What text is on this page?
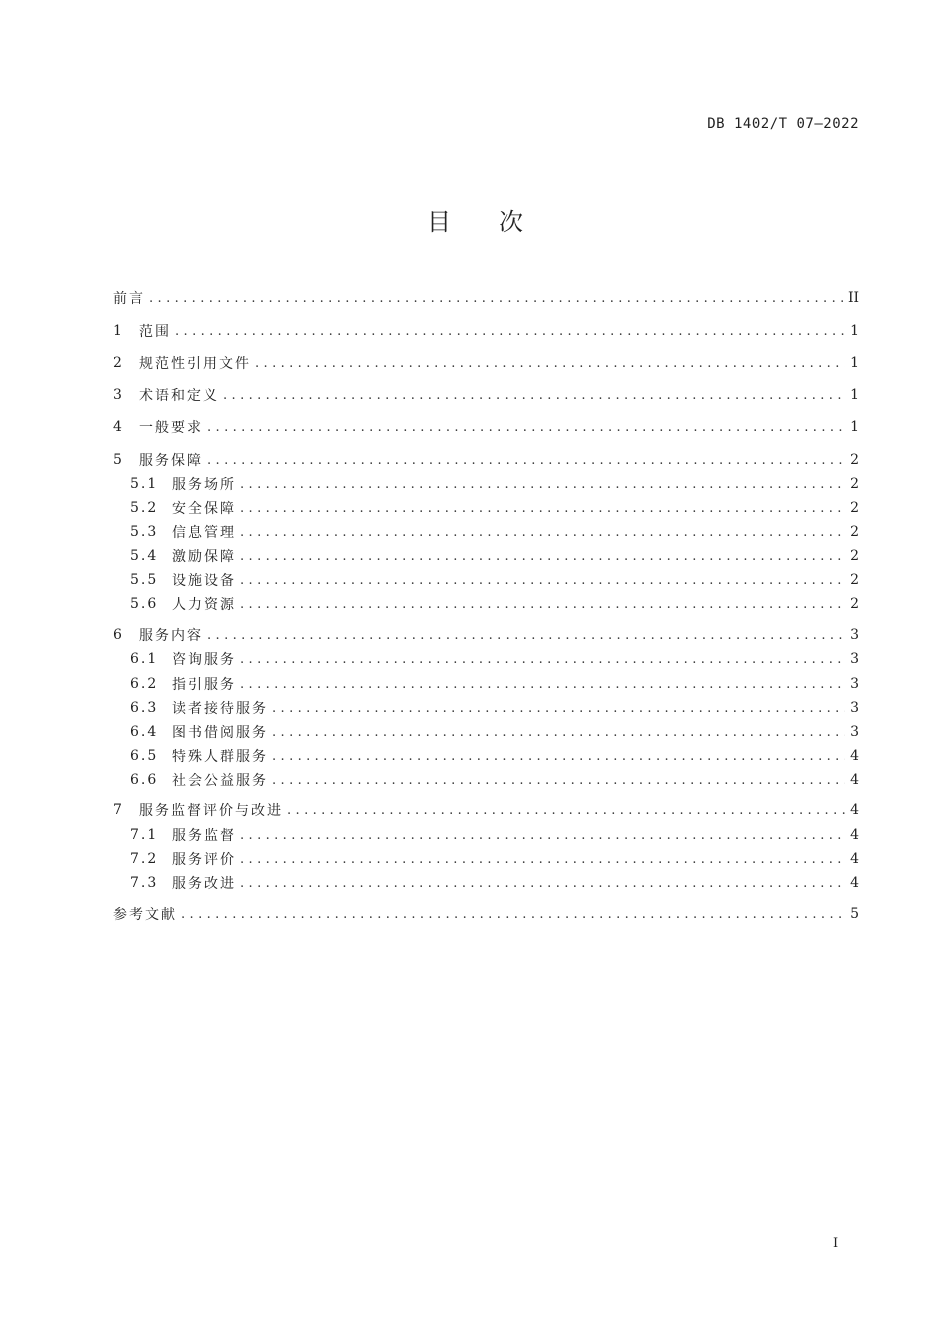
DB 1402/T 07—2022
目　　次
前言 .....	II
1	范围 .....	1
2	规范性引用文件 .....	1
3	术语和定义 .....	1
4	一般要求 .....	1
5	服务保障 .....	2
5.1 服务场所 .....	2
5.2 安全保障 .....	2
5.3 信息管理 .....	2
5.4 激励保障 .....	2
5.5 设施设备 .....	2
5.6 人力资源 .....	2
6	服务内容 .....	3
6.1 咨询服务 .....	3
6.2 指引服务 .....	3
6.3 读者接待服务 .....	3
6.4 图书借阅服务 .....	3
6.5 特殊人群服务 .....	4
6.6 社会公益服务 .....	4
7	服务监督评价与改进 .....	4
7.1 服务监督 .....	4
7.2 服务评价 .....	4
7.3 服务改进 .....	4
参考文献 .....	5
I
